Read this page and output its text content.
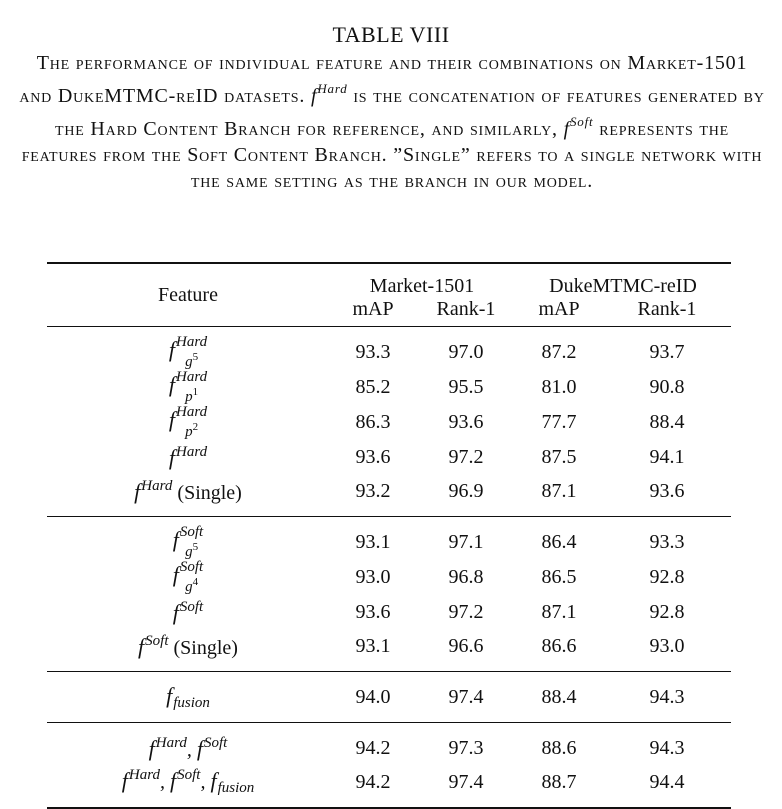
TABLE VIII
The performance of individual feature and their combinations on Market-1501 and DukeMTMC-reID datasets. $f^{Hard}$ is the concatenation of features generated by the Hard Content Branch for reference, and similarly, $f^{Soft}$ represents the features from the Soft Content Branch. ”Single” refers to a single network with the same setting as the branch in our model.

Feature	Market-1501		DukeMTMC-reID	
	mAP	Rank-1	mAP	Rank-1

f Hard
$g^5$	93.3	97.0	87.2	93.7
f Hard
$p^1$	85.2	95.5	81.0	90.8
f Hard
$p^2$	86.3	93.6	77.7	88.4
$f^{Hard}$	93.6	97.2	87.5	94.1
$f^{Hard}$ (Single)	93.2	96.9	87.1	93.6

f Soft
$g^5$	93.1	97.1	86.4	93.3
f Soft
$g^4$	93.0	96.8	86.5	92.8
$f^{Soft}$	93.6	97.2	87.1	92.8
$f^{Soft}$ (Single)	93.1	96.6	86.6	93.0

$f_{fusion}$	94.0	97.4	88.4	94.3

$f^{Hard}$, $f^{Soft}$	94.2	97.3	88.6	94.3
$f^{Hard}$, $f^{Soft}$, $f_{fusion}$	94.2	97.4	88.7	94.4
